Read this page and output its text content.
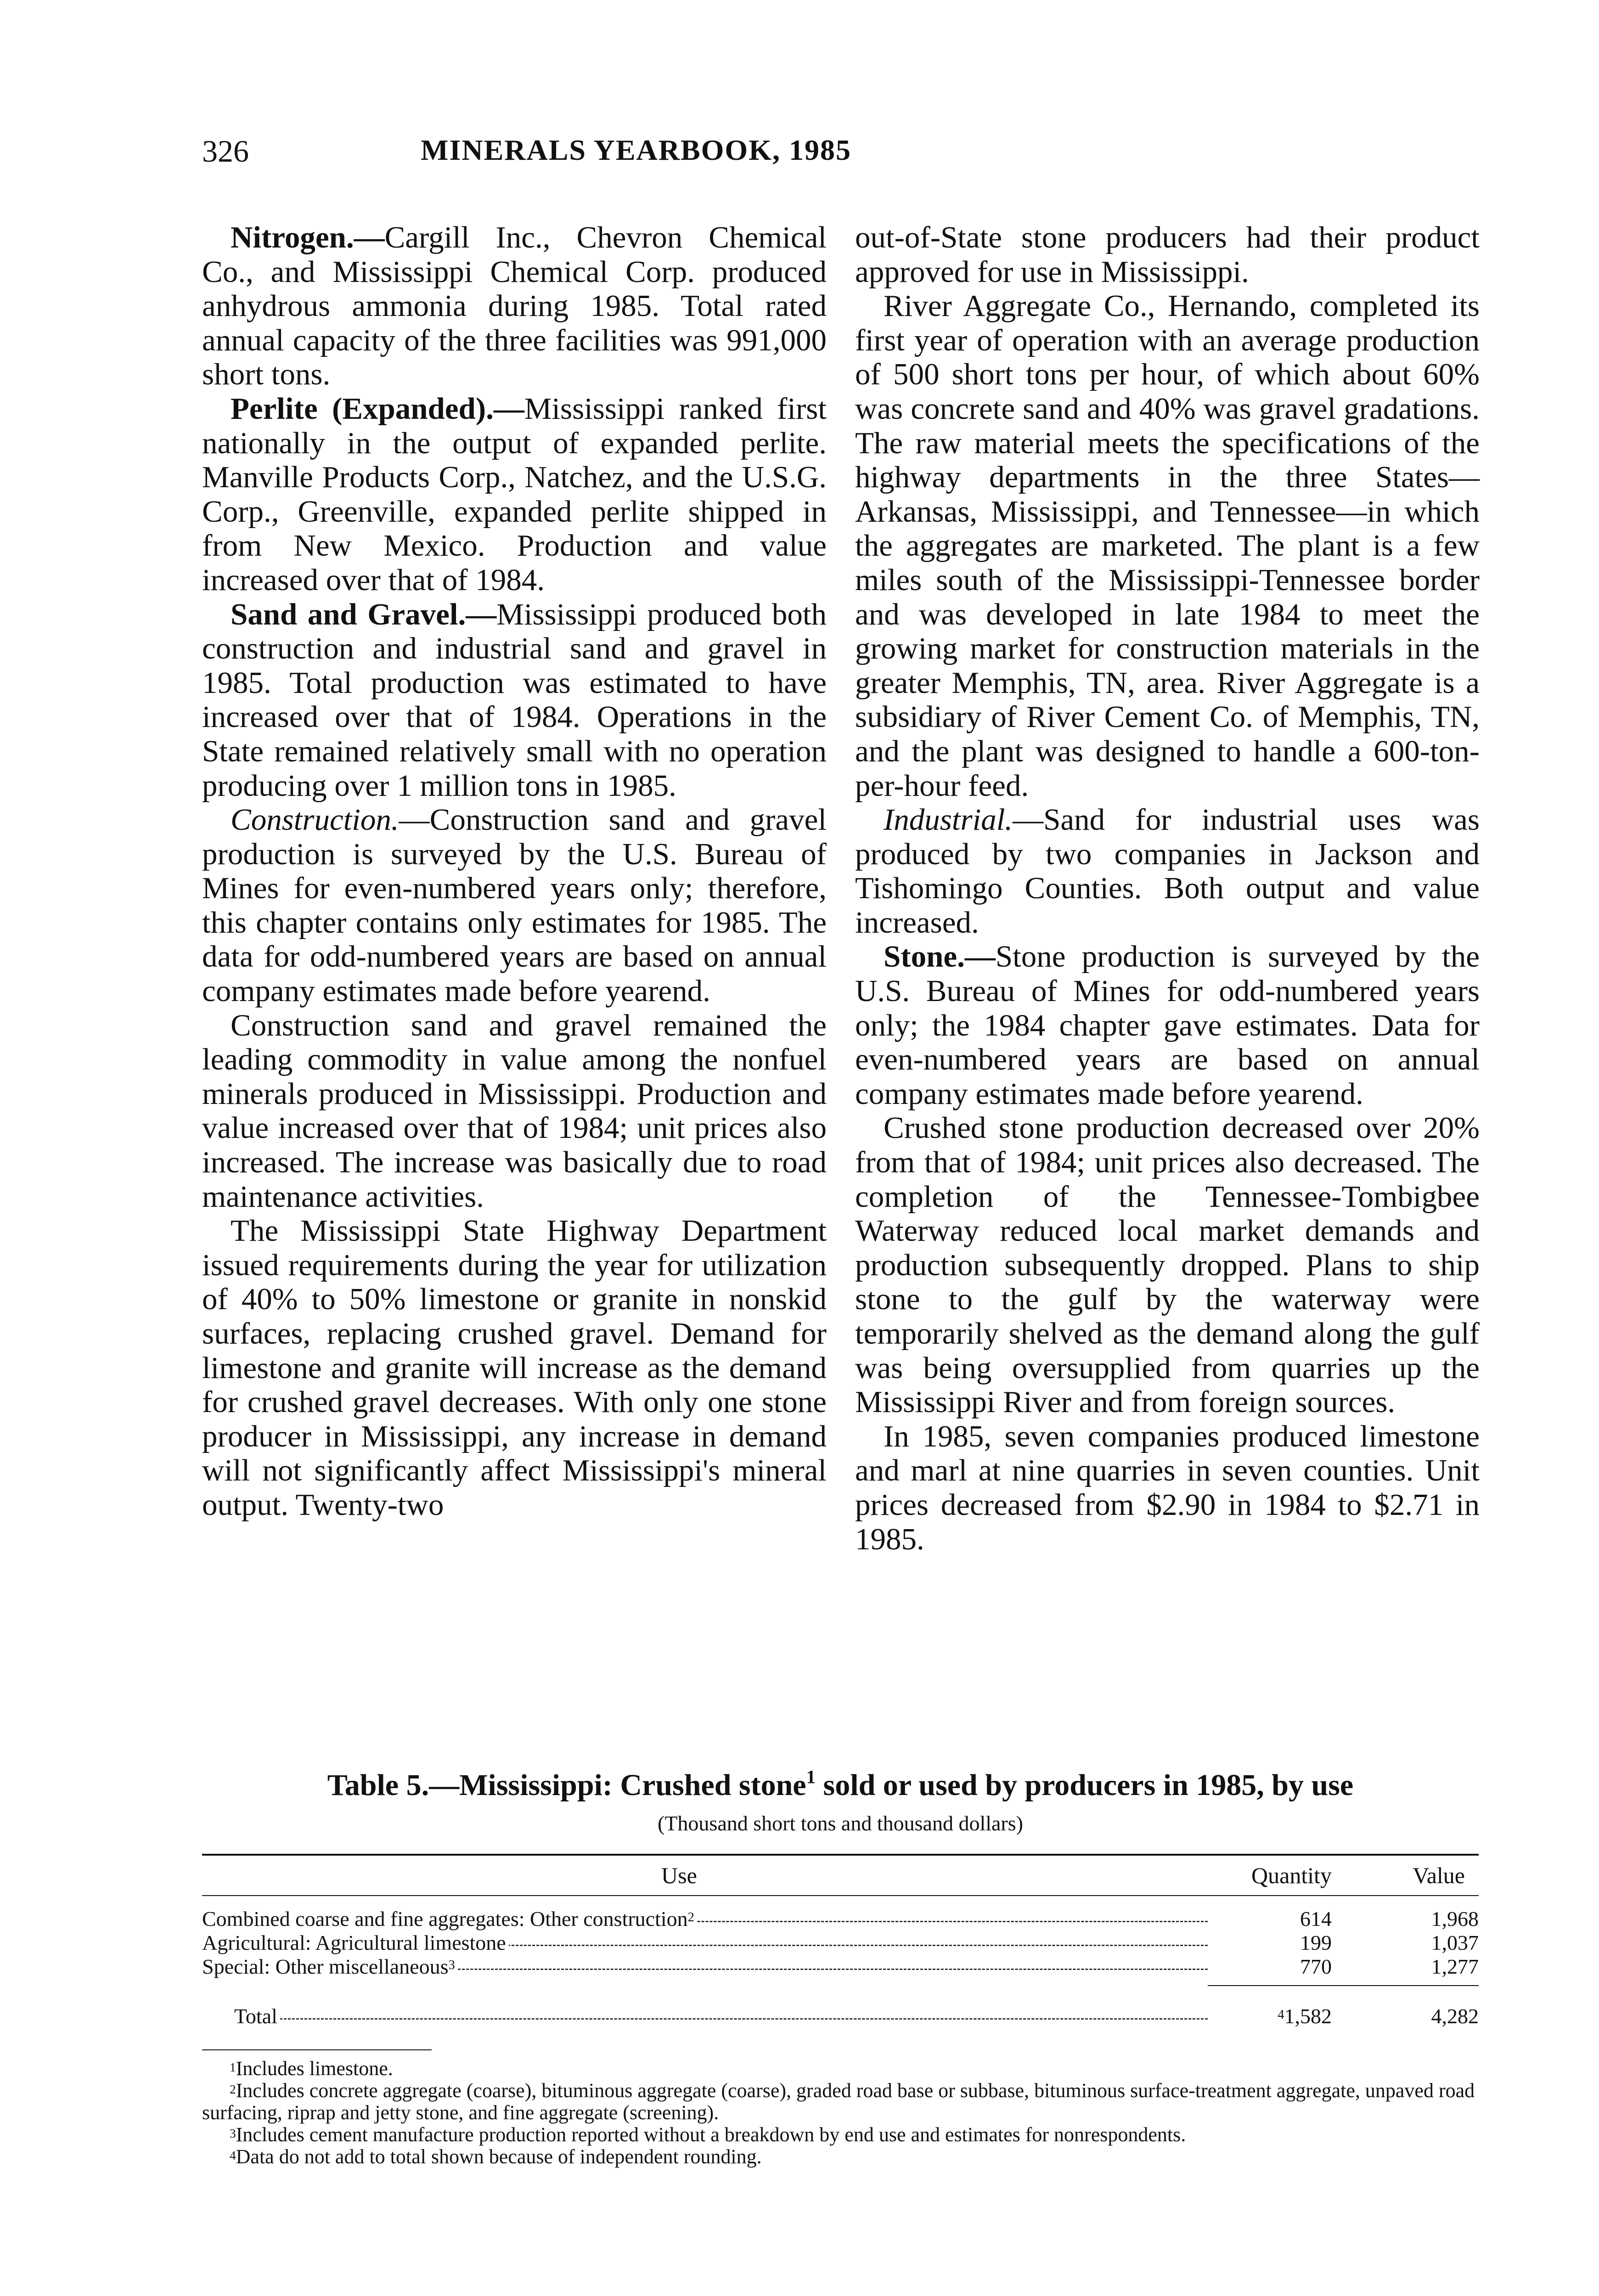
326	MINERALS YEARBOOK, 1985

Nitrogen.—Cargill Inc., Chevron Chemical Co., and Mississippi Chemical Corp. produced anhydrous ammonia during 1985. Total rated annual capacity of the three facilities was 991,000 short tons.

Perlite (Expanded).—Mississippi ranked first nationally in the output of expanded perlite. Manville Products Corp., Natchez, and the U.S.G. Corp., Greenville, expanded perlite shipped in from New Mexico. Production and value increased over that of 1984.

Sand and Gravel.—Mississippi produced both construction and industrial sand and gravel in 1985. Total production was estimated to have increased over that of 1984. Operations in the State remained relatively small with no operation producing over 1 million tons in 1985.

Construction.—Construction sand and gravel production is surveyed by the U.S. Bureau of Mines for even-numbered years only; therefore, this chapter contains only estimates for 1985. The data for odd-numbered years are based on annual company estimates made before yearend.

Construction sand and gravel remained the leading commodity in value among the nonfuel minerals produced in Mississippi. Production and value increased over that of 1984; unit prices also increased. The increase was basically due to road maintenance activities.

The Mississippi State Highway Department issued requirements during the year for utilization of 40% to 50% limestone or granite in nonskid surfaces, replacing crushed gravel. Demand for limestone and granite will increase as the demand for crushed gravel decreases. With only one stone producer in Mississippi, any increase in demand will not significantly affect Mississippi's mineral output. Twenty-two

out-of-State stone producers had their product approved for use in Mississippi.

River Aggregate Co., Hernando, completed its first year of operation with an average production of 500 short tons per hour, of which about 60% was concrete sand and 40% was gravel gradations. The raw material meets the specifications of the highway departments in the three States—Arkansas, Mississippi, and Tennessee—in which the aggregates are marketed. The plant is a few miles south of the Mississippi-Tennessee border and was developed in late 1984 to meet the growing market for construction materials in the greater Memphis, TN, area. River Aggregate is a subsidiary of River Cement Co. of Memphis, TN, and the plant was designed to handle a 600-ton-per-hour feed.

Industrial.—Sand for industrial uses was produced by two companies in Jackson and Tishomingo Counties. Both output and value increased.

Stone.—Stone production is surveyed by the U.S. Bureau of Mines for odd-numbered years only; the 1984 chapter gave estimates. Data for even-numbered years are based on annual company estimates made before yearend.

Crushed stone production decreased over 20% from that of 1984; unit prices also decreased. The completion of the Tennessee-Tombigbee Waterway reduced local market demands and production subsequently dropped. Plans to ship stone to the gulf by the waterway were temporarily shelved as the demand along the gulf was being oversupplied from quarries up the Mississippi River and from foreign sources.

In 1985, seven companies produced limestone and marl at nine quarries in seven counties. Unit prices decreased from $2.90 in 1984 to $2.71 in 1985.

Table 5.—Mississippi: Crushed stone$^1$ sold or used by producers in 1985, by use

(Thousand short tons and thousand dollars)
Use	Quantity	Value
Combined coarse and fine aggregates: Other construction$^2$	614	1,968
Agricultural: Agricultural limestone	199	1,037
Special: Other miscellaneous$^3$	770	1,277
Total	$^4$1,582	4,282

$^1$Includes limestone.

$^2$Includes concrete aggregate (coarse), bituminous aggregate (coarse), graded road base or subbase, bituminous surface-treatment aggregate, unpaved road surfacing, riprap and jetty stone, and fine aggregate (screening).

$^3$Includes cement manufacture production reported without a breakdown by end use and estimates for nonrespondents.

$^4$Data do not add to total shown because of independent rounding.
